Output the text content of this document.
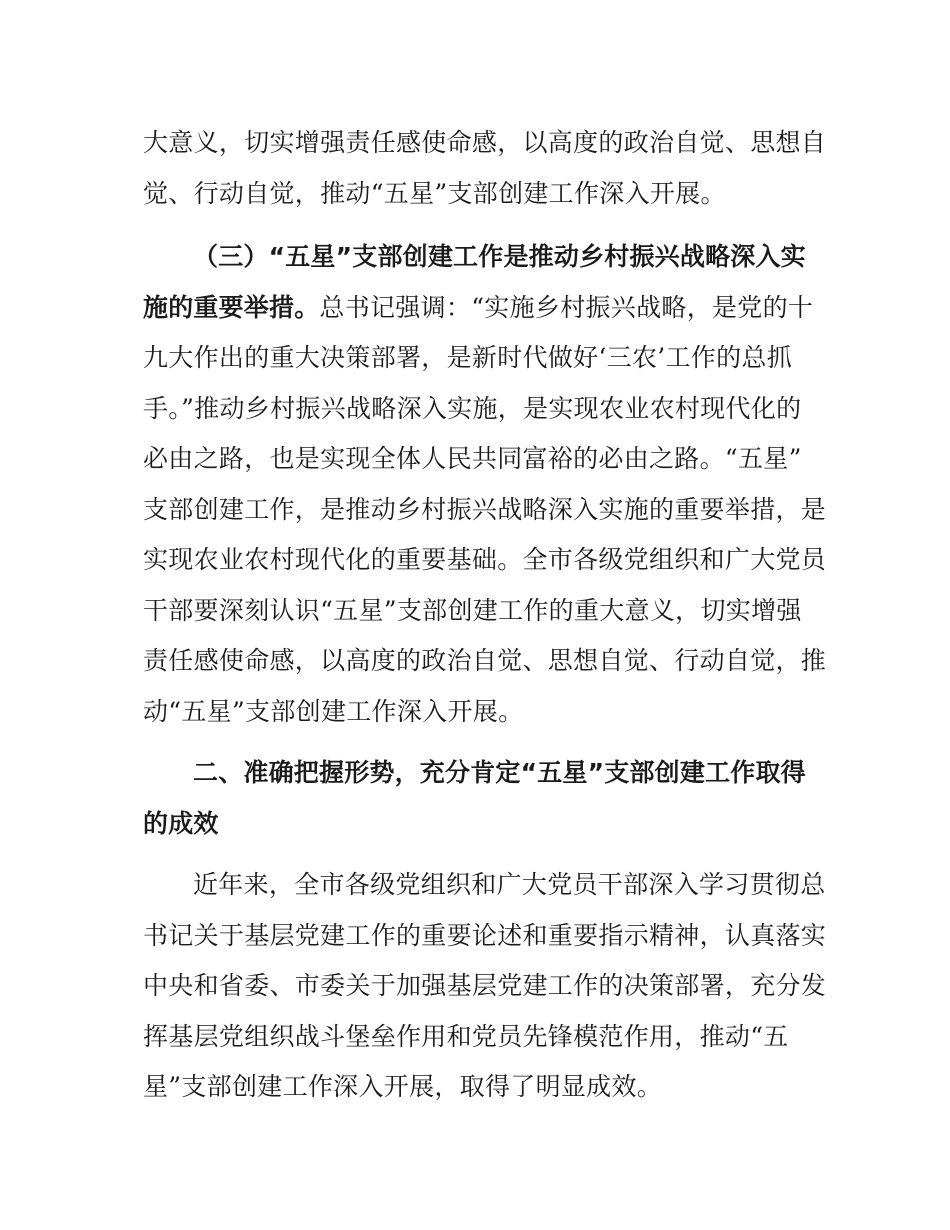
大意义，切实增强责任感使命感，以高度的政治自觉、思想自
觉、行动自觉，推动“五星”支部创建工作深入开展。
（三）“五星”支部创建工作是推动乡村振兴战略深入实
施的重要举措。总书记强调：“实施乡村振兴战略，是党的十
九大作出的重大决策部署，是新时代做好‘三农’工作的总抓
手。”推动乡村振兴战略深入实施，是实现农业农村现代化的
必由之路，也是实现全体人民共同富裕的必由之路。“五星”
支部创建工作，是推动乡村振兴战略深入实施的重要举措，是
实现农业农村现代化的重要基础。全市各级党组织和广大党员
干部要深刻认识“五星”支部创建工作的重大意义，切实增强
责任感使命感，以高度的政治自觉、思想自觉、行动自觉，推
动“五星”支部创建工作深入开展。
二、准确把握形势，充分肯定“五星”支部创建工作取得
的成效
近年来，全市各级党组织和广大党员干部深入学习贯彻总
书记关于基层党建工作的重要论述和重要指示精神，认真落实
中央和省委、市委关于加强基层党建工作的决策部署，充分发
挥基层党组织战斗堡垒作用和党员先锋模范作用，推动“五
星”支部创建工作深入开展，取得了明显成效。
